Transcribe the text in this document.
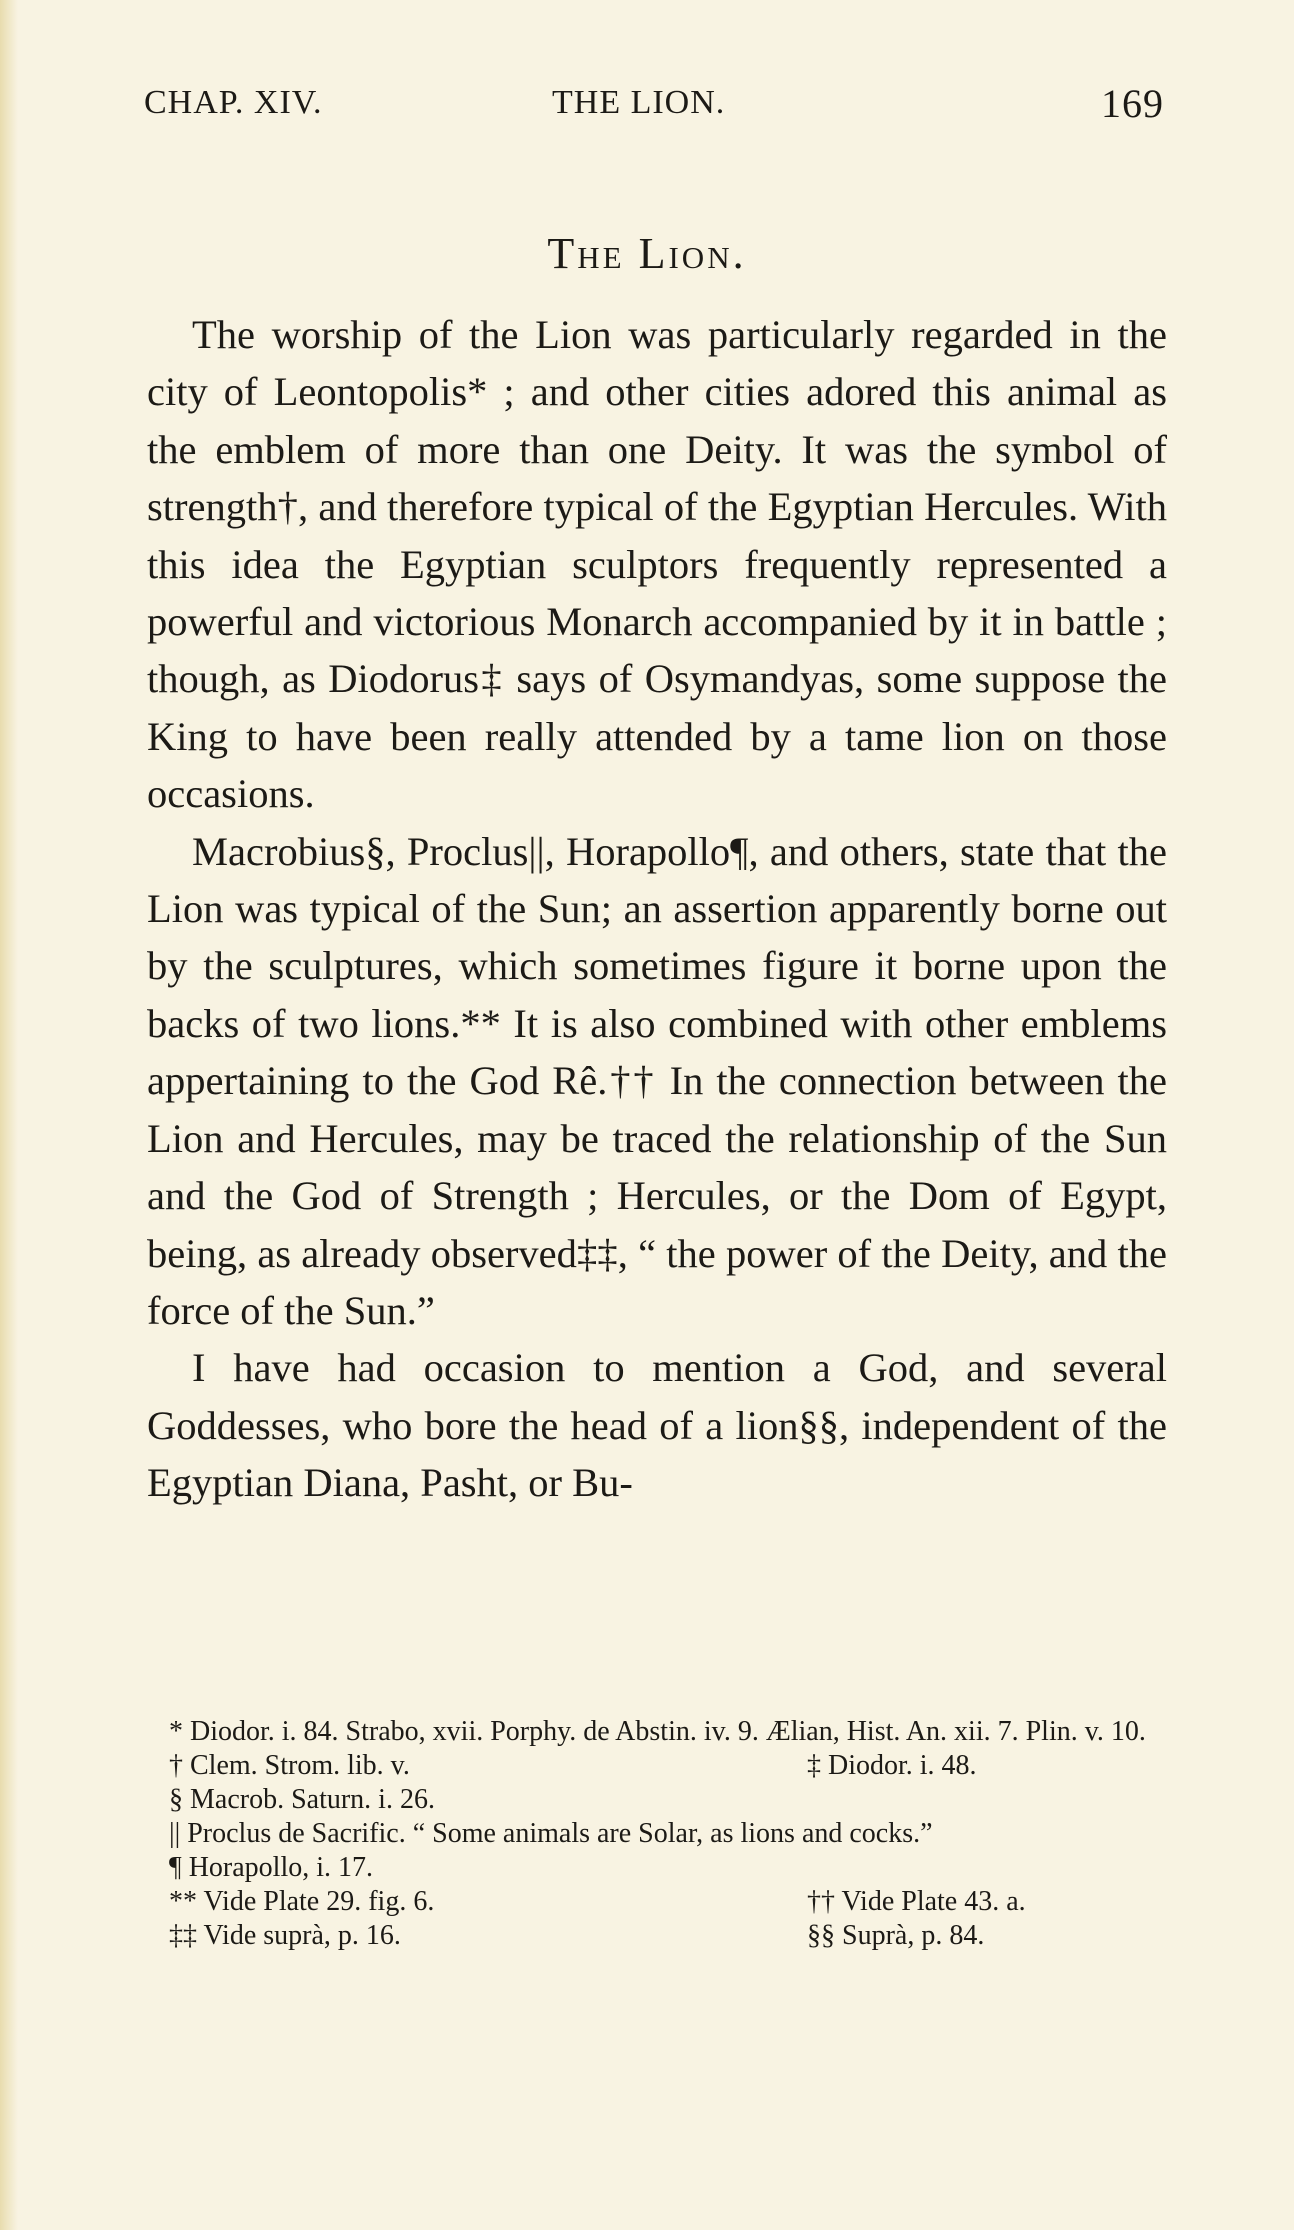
CHAP. XIV.	THE LION.	169
The Lion.

The worship of the Lion was particularly regarded in the city of Leontopolis* ; and other cities adored this animal as the emblem of more than one Deity. It was the symbol of strength†, and therefore typical of the Egyptian Hercules. With this idea the Egyptian sculptors frequently represented a powerful and victorious Monarch accompanied by it in battle ; though, as Diodorus‡ says of Osymandyas, some suppose the King to have been really attended by a tame lion on those occasions.

Macrobius§, Proclus||, Horapollo¶, and others, state that the Lion was typical of the Sun; an assertion apparently borne out by the sculptures, which sometimes figure it borne upon the backs of two lions.** It is also combined with other emblems appertaining to the God Rê.†† In the connection between the Lion and Hercules, may be traced the relationship of the Sun and the God of Strength ; Hercules, or the Dom of Egypt, being, as already observed‡‡, “ the power of the Deity, and the force of the Sun.”

I have had occasion to mention a God, and several Goddesses, who bore the head of a lion§§, independent of the Egyptian Diana, Pasht, or Bu-

* Diodor. i. 84. Strabo, xvii. Porphy. de Abstin. iv. 9. Ælian, Hist. An. xii. 7. Plin. v. 10.
† Clem. Strom. lib. v.	‡ Diodor. i. 48.
§ Macrob. Saturn. i. 26.
|| Proclus de Sacrific. “ Some animals are Solar, as lions and cocks.”
¶ Horapollo, i. 17.
** Vide Plate 29. fig. 6.	†† Vide Plate 43. a.
‡‡ Vide suprà, p. 16.	§§ Suprà, p. 84.
